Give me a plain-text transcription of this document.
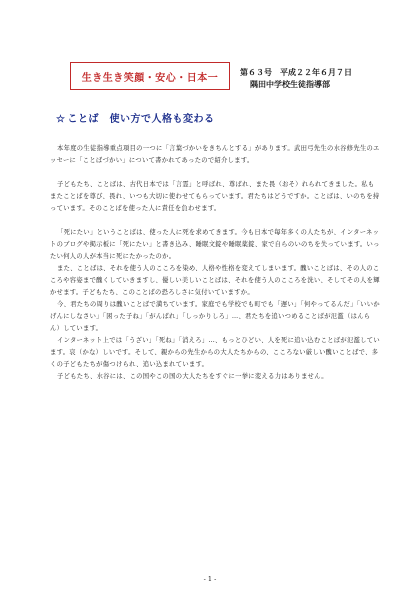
生き生き笑顔・安心・日本一
第６３号　平成２２年６月７日
隅田中学校生徒指導部
☆ ことば　使い方で人格も変わる

本年度の生徒指導重点項目の一つに「言葉づかいをきちんとする」があります。武田弓先生の水谷修先生のエッセーに「ことばづかい」について書かれてあったので紹介します。

子どもたち、ことばは、古代日本では「言霊」と呼ばれ、尊ばれ、また畏（おそ）れられてきました。私もまたことばを尊び、畏れ、いつも大切に使わせてもらっています。君たちはどうですか。ことばは、いのちを持っています。そのことばを使った人に責任を負わせます。

「死にたい」ということばは、使った人に死を求めてきます。今も日本で毎年多くの人たちが、インターネットのブログや掲示板に「死にたい」と書き込み、睡眠文錠や睡眠薬錠、家で自らのいのちを失っています。いったい何人の人が本当に死にたかったのか。

また、ことばは、それを使う人のこころを染め、人格や性格を変えてしまいます。醜いことばは、その人のこころや容姿まで醜くしていきますし、優しい美しいことばは、それを使う人のこころを洗い、そしてその人を輝かせます。子どもたち、このことばの恐ろしさに気付いていますか。

今、君たちの周りは醜いことばで満ちています。家庭でも学校でも町でも「遅い」「何やってるんだ」「いいかげんにしなさい」「困った子ね」「がんばれ」「しっかりしろ」…、君たちを追いつめることばが氾濫（はんらん）しています。

インターネット上では「うざい」「死ね」「消えろ」…、もっとひどい、人を死に追い込むことばが氾濫しています。哀（かな）しいです。そして、親からの先生からの大人たちからの、こころない厳しい醜いことばで、多くの子どもたちが傷つけられ、追い込まれています。

子どもたち、水谷には、この国やこの国の大人たちをすぐに一挙に変える力はありません。

- 1 -
